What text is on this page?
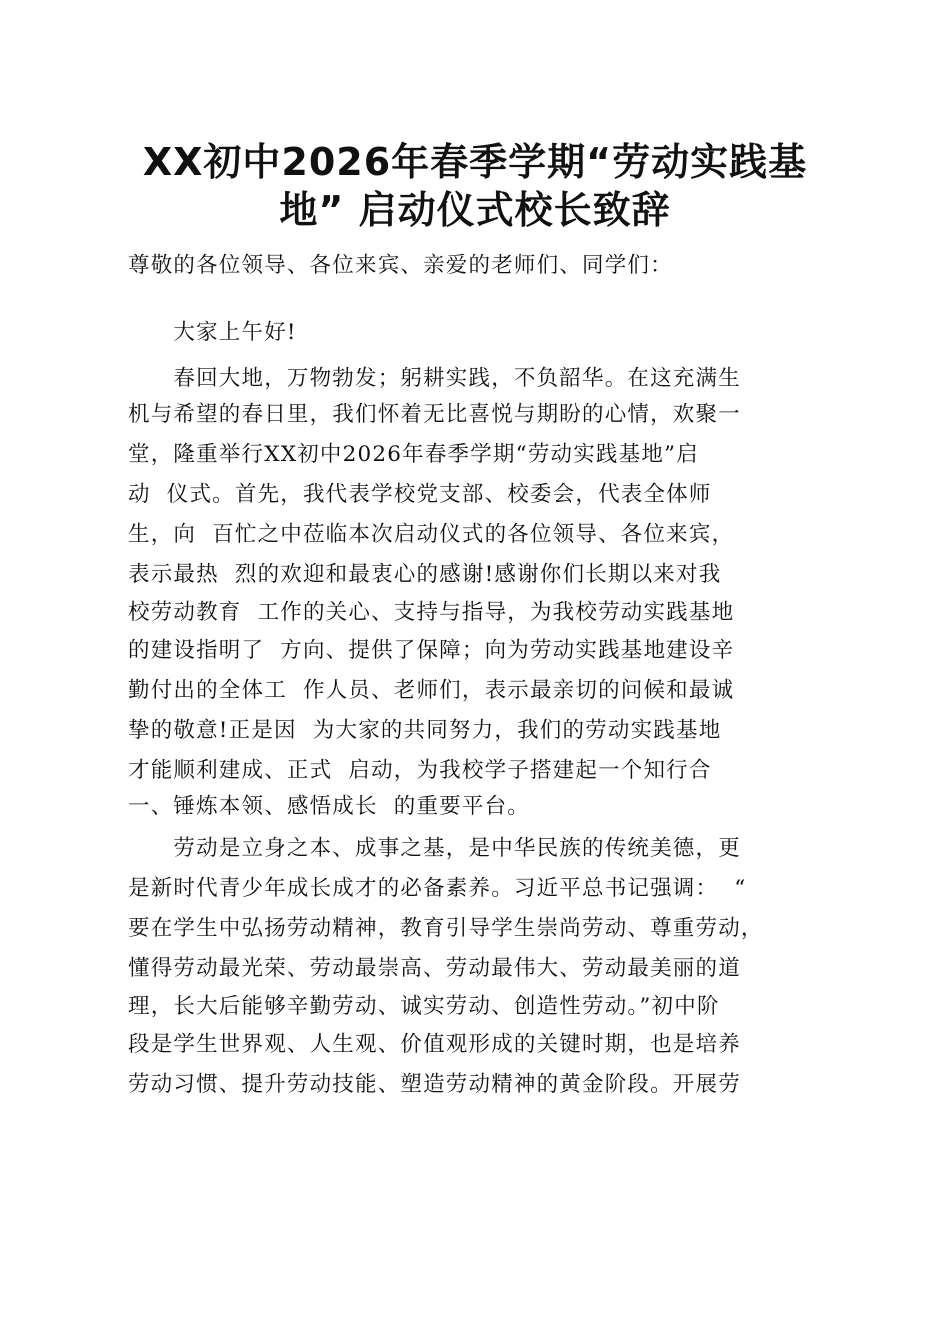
XX初中2026年春季学期“劳动实践基
地” 启动仪式校长致辞
尊敬的各位领导、各位来宾、亲爱的老师们、同学们：
　　大家上午好!
　　春回大地，万物勃发；躬耕实践，不负韶华。在这充满生
机与希望的春日里，我们怀着无比喜悦与期盼的心情，欢聚一
堂，隆重举行XX初中2026年春季学期“劳动实践基地”启
动  仪式。首先，我代表学校党支部、校委会，代表全体师
生，向  百忙之中莅临本次启动仪式的各位领导、各位来宾，
表示最热  烈的欢迎和最衷心的感谢!感谢你们长期以来对我
校劳动教育  工作的关心、支持与指导，为我校劳动实践基地
的建设指明了  方向、提供了保障；向为劳动实践基地建设辛
勤付出的全体工  作人员、老师们，表示最亲切的问候和最诚
挚的敬意!正是因  为大家的共同努力，我们的劳动实践基地
才能顺利建成、正式  启动，为我校学子搭建起一个知行合
一、锤炼本领、感悟成长  的重要平台。
　　劳动是立身之本、成事之基，是中华民族的传统美德，更
是新时代青少年成长成才的必备素养。习近平总书记强调：  “
要在学生中弘扬劳动精神，教育引导学生崇尚劳动、尊重劳动，
懂得劳动最光荣、劳动最崇高、劳动最伟大、劳动最美丽的道
理，长大后能够辛勤劳动、诚实劳动、创造性劳动。”初中阶
段是学生世界观、人生观、价值观形成的关键时期，也是培养
劳动习惯、提升劳动技能、塑造劳动精神的黄金阶段。开展劳
